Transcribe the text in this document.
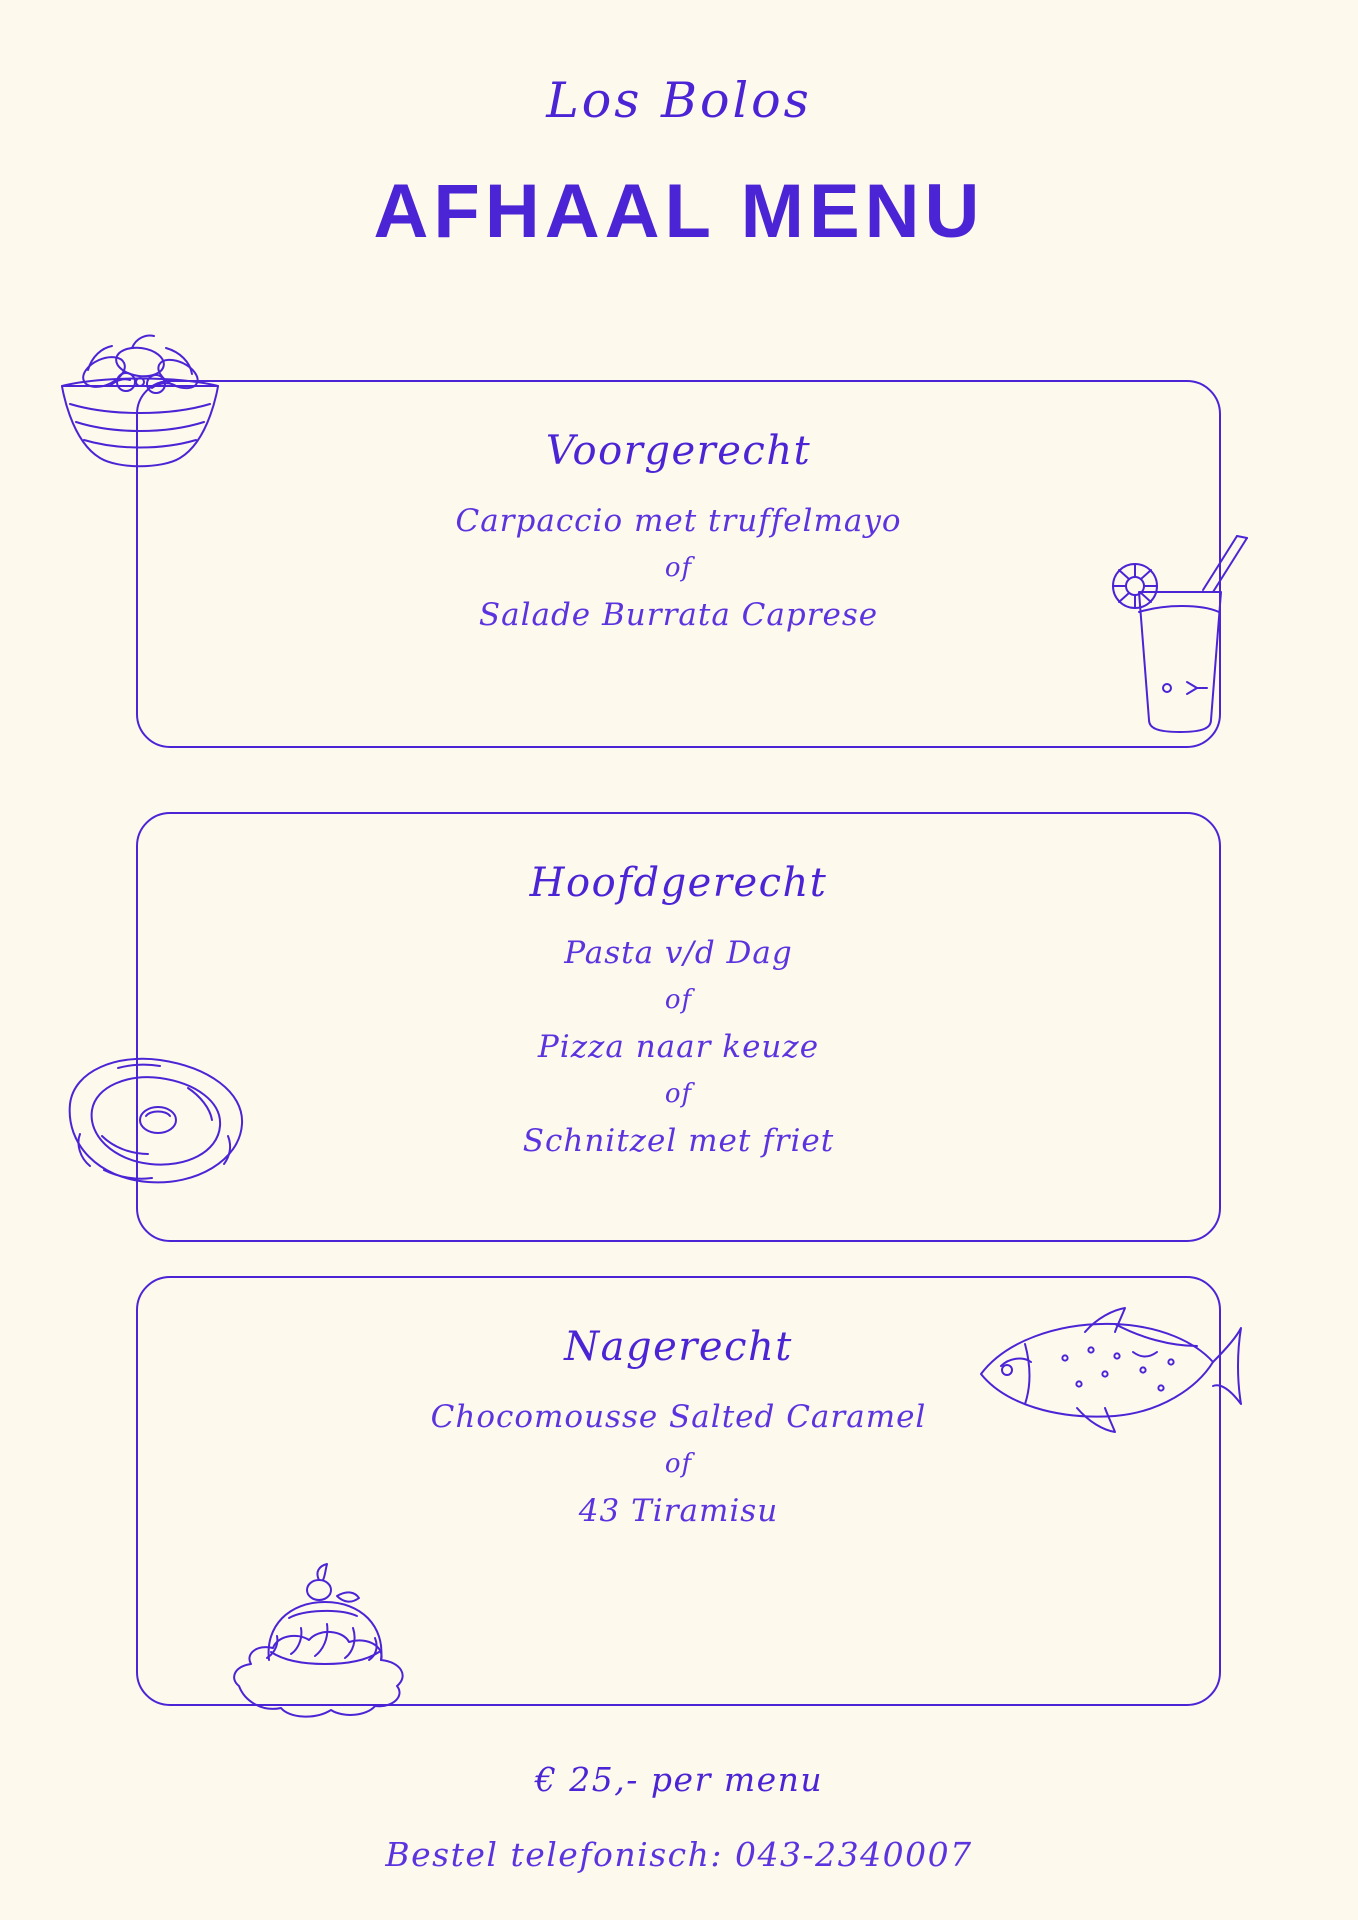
Los Bolos
AFHAAL MENU
Voorgerecht
Carpaccio met truffelmayo
of
Salade Burrata Caprese
Hoofdgerecht
Pasta v/d Dag
of
Pizza naar keuze
of
Schnitzel met friet
Nagerecht
Chocomousse Salted Caramel
of
43 Tiramisu
€ 25,- per menu
Bestel telefonisch: 043-2340007
